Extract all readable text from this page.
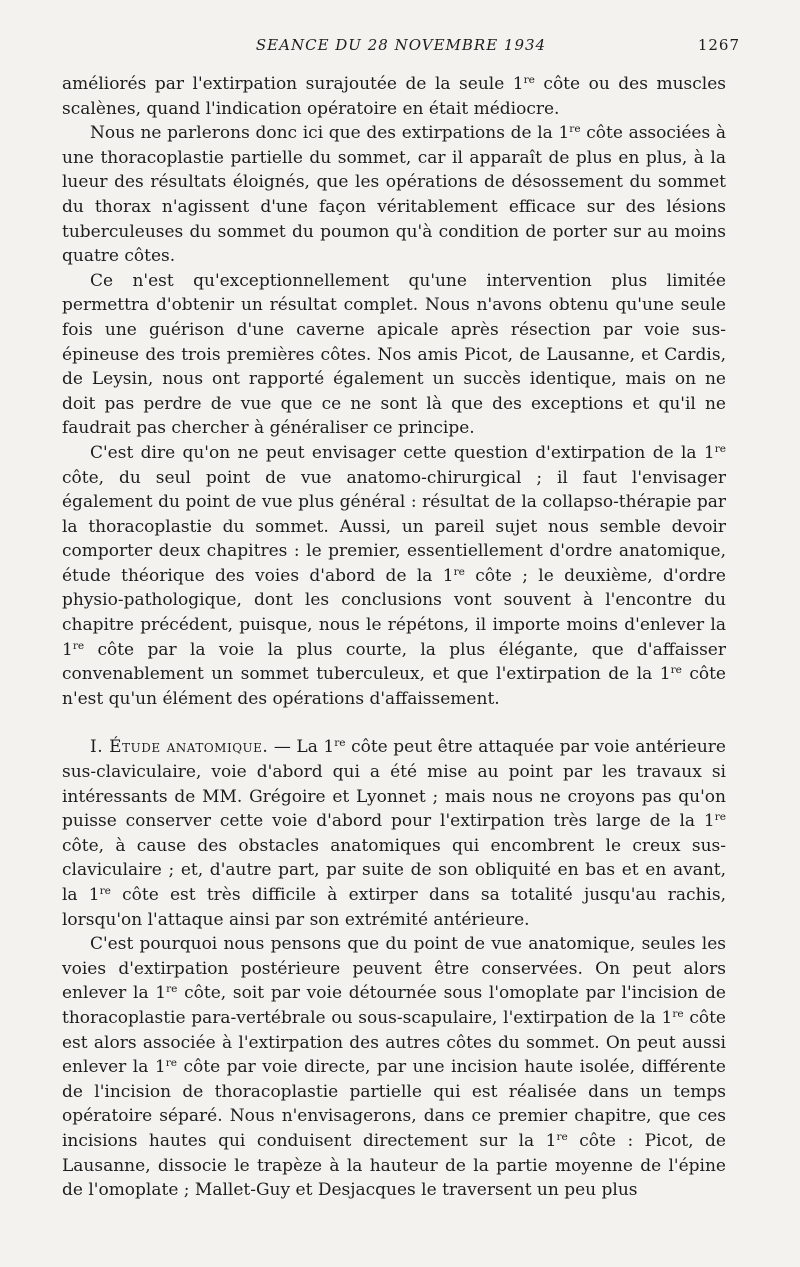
SEANCE DU 28 NOVEMBRE 1934	1267

améliorés par l'extirpation surajoutée de la seule 1re côte ou des muscles scalènes, quand l'indication opératoire en était médiocre.

Nous ne parlerons donc ici que des extirpations de la 1re côte associées à une thoracoplastie partielle du sommet, car il apparaît de plus en plus, à la lueur des résultats éloignés, que les opérations de désossement du sommet du thorax n'agissent d'une façon véritablement efficace sur des lésions tuberculeuses du sommet du poumon qu'à condition de porter sur au moins quatre côtes.

Ce n'est qu'exceptionnellement qu'une intervention plus limitée permettra d'obtenir un résultat complet. Nous n'avons obtenu qu'une seule fois une guérison d'une caverne apicale après résection par voie sus-épineuse des trois premières côtes. Nos amis Picot, de Lausanne, et Cardis, de Leysin, nous ont rapporté également un succès identique, mais on ne doit pas perdre de vue que ce ne sont là que des exceptions et qu'il ne faudrait pas chercher à généraliser ce principe.

C'est dire qu'on ne peut envisager cette question d'extirpation de la 1re côte, du seul point de vue anatomo-chirurgical ; il faut l'envisager également du point de vue plus général : résultat de la collapso-thérapie par la thoracoplastie du sommet. Aussi, un pareil sujet nous semble devoir comporter deux chapitres : le premier, essentiellement d'ordre anatomique, étude théorique des voies d'abord de la 1re côte ; le deuxième, d'ordre physio-pathologique, dont les conclusions vont souvent à l'encontre du chapitre précédent, puisque, nous le répétons, il importe moins d'enlever la 1re côte par la voie la plus courte, la plus élégante, que d'affaisser convenablement un sommet tuberculeux, et que l'extirpation de la 1re côte n'est qu'un élément des opérations d'affaissement.

I. Étude anatomique. — La 1re côte peut être attaquée par voie antérieure sus-claviculaire, voie d'abord qui a été mise au point par les travaux si intéressants de MM. Grégoire et Lyonnet ; mais nous ne croyons pas qu'on puisse conserver cette voie d'abord pour l'extirpation très large de la 1re côte, à cause des obstacles anatomiques qui encombrent le creux sus-claviculaire ; et, d'autre part, par suite de son obliquité en bas et en avant, la 1re côte est très difficile à extirper dans sa totalité jusqu'au rachis, lorsqu'on l'attaque ainsi par son extrémité antérieure.

C'est pourquoi nous pensons que du point de vue anatomique, seules les voies d'extirpation postérieure peuvent être conservées. On peut alors enlever la 1re côte, soit par voie détournée sous l'omoplate par l'incision de thoracoplastie para-vertébrale ou sous-scapulaire, l'extirpation de la 1re côte est alors associée à l'extirpation des autres côtes du sommet. On peut aussi enlever la 1re côte par voie directe, par une incision haute isolée, différente de l'incision de thoracoplastie partielle qui est réalisée dans un temps opératoire séparé. Nous n'envisagerons, dans ce premier chapitre, que ces incisions hautes qui conduisent directement sur la 1re côte : Picot, de Lausanne, dissocie le trapèze à la hauteur de la partie moyenne de l'épine de l'omoplate ; Mallet-Guy et Desjacques le traversent un peu plus
